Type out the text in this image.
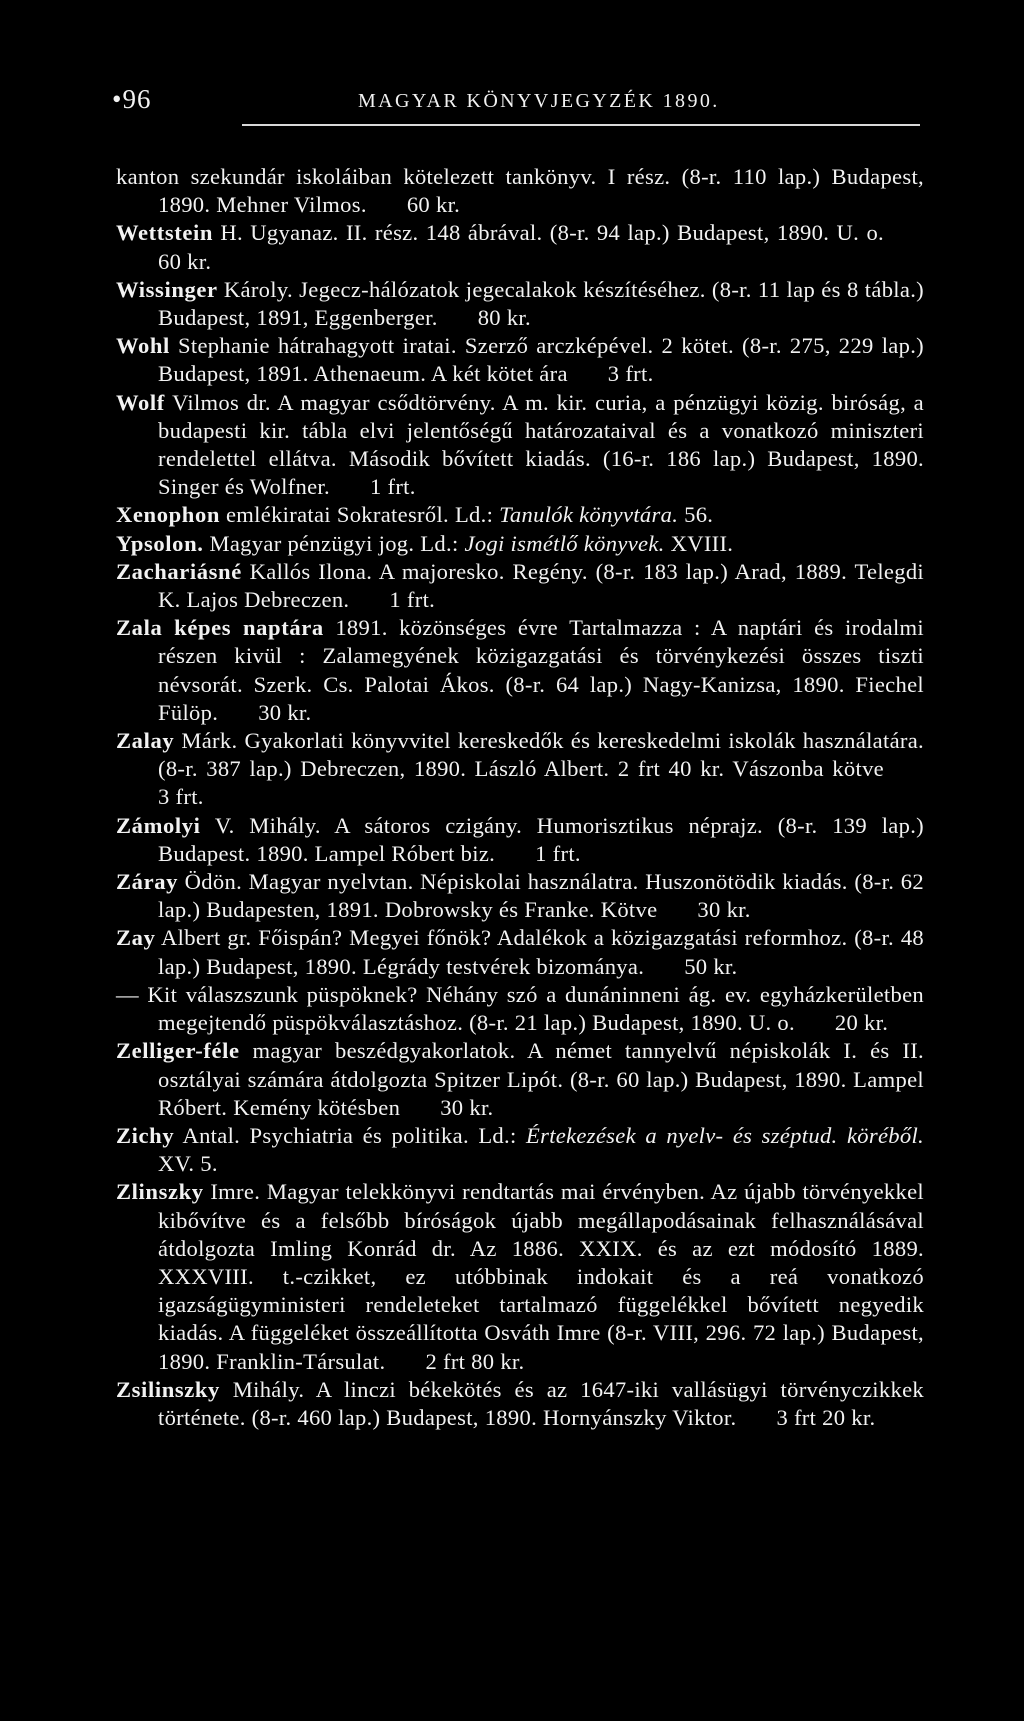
•96	MAGYAR KÖNYVJEGYZÉK 1890.

kanton szekundár iskoláiban kötelezett tankönyv. I rész. (8-r. 110 lap.) Budapest, 1890. Mehner Vilmos. 60 kr.

Wettstein H. Ugyanaz. II. rész. 148 ábrával. (8-r. 94 lap.) Budapest, 1890. U. o.60 kr.

Wissinger Károly. Jegecz-hálózatok jegecalakok készítéséhez. (8-r. 11 lap és 8 tábla.) Budapest, 1891, Eggenberger. 80 kr.

Wohl Stephanie hátrahagyott iratai. Szerző arczképével. 2 kötet. (8-r. 275, 229 lap.) Budapest, 1891. Athenaeum. A két kötet ára 3 frt.

Wolf Vilmos dr. A magyar csődtörvény. A m. kir. curia, a pénzügyi közig. biróság, a budapesti kir. tábla elvi jelentőségű határozataival és a vonatkozó miniszteri rendelettel ellátva. Második bővített kiadás. (16-r. 186 lap.) Budapest, 1890. Singer és Wolfner. 1 frt.

Xenophon emlékiratai Sokratesről. Ld.: Tanulók könyvtára. 56.

Ypsolon. Magyar pénzügyi jog. Ld.: Jogi ismétlő könyvek. XVIII.

Zachariásné Kallós Ilona. A majoresko. Regény. (8-r. 183 lap.) Arad, 1889. Telegdi K. Lajos Debreczen. 1 frt.

Zala képes naptára 1891. közönséges évre Tartalmazza : A naptári és irodalmi részen kivül : Zalamegyének közigazgatási és törvénykezési összes tiszti névsorát. Szerk. Cs. Palotai Ákos. (8-r. 64 lap.) Nagy-Kanizsa, 1890. Fiechel Fülöp. 30 kr.

Zalay Márk. Gyakorlati könyvvitel kereskedők és kereskedelmi iskolák használatára. (8-r. 387 lap.) Debreczen, 1890. László Albert. 2 frt 40 kr. Vászonba kötve3 frt.

Zámolyi V. Mihály. A sátoros czigány. Humorisztikus néprajz. (8-r. 139 lap.) Budapest. 1890. Lampel Róbert biz. 1 frt.

Záray Ödön. Magyar nyelvtan. Népiskolai használatra. Huszonötödik kiadás. (8-r. 62 lap.) Budapesten, 1891. Dobrowsky és Franke. Kötve 30 kr.

Zay Albert gr. Főispán? Megyei főnök? Adalékok a közigazgatási reformhoz. (8-r. 48 lap.) Budapest, 1890. Légrády testvérek bizománya. 50 kr.

— Kit válaszszunk püspöknek? Néhány szó a dunáninneni ág. ev. egyházkerületben megejtendő püspökválasztáshoz. (8-r. 21 lap.) Budapest, 1890. U. o. 20 kr.

Zelliger-féle magyar beszédgyakorlatok. A német tannyelvű népiskolák I. és II. osztályai számára átdolgozta Spitzer Lipót. (8-r. 60 lap.) Budapest, 1890. Lampel Róbert. Kemény kötésben 30 kr.

Zichy Antal. Psychiatria és politika. Ld.: Értekezések a nyelv- és széptud. köréből. XV. 5.

Zlinszky Imre. Magyar telekkönyvi rendtartás mai érvényben. Az újabb törvényekkel kibővítve és a felsőbb bíróságok újabb megállapodásainak felhasználásával átdolgozta Imling Konrád dr. Az 1886. XXIX. és az ezt módosító 1889. XXXVIII. t.-czikket, ez utóbbinak indokait és a reá vonatkozó igazságügyministeri rendeleteket tartalmazó függelékkel bővített negyedik kiadás. A függeléket összeállította Osváth Imre (8-r. VIII, 296. 72 lap.) Budapest, 1890. Franklin-Társulat. 2 frt 80 kr.

Zsilinszky Mihály. A linczi békekötés és az 1647-iki vallásügyi törvényczikkek története. (8-r. 460 lap.) Budapest, 1890. Hornyánszky Viktor. 3 frt 20 kr.
